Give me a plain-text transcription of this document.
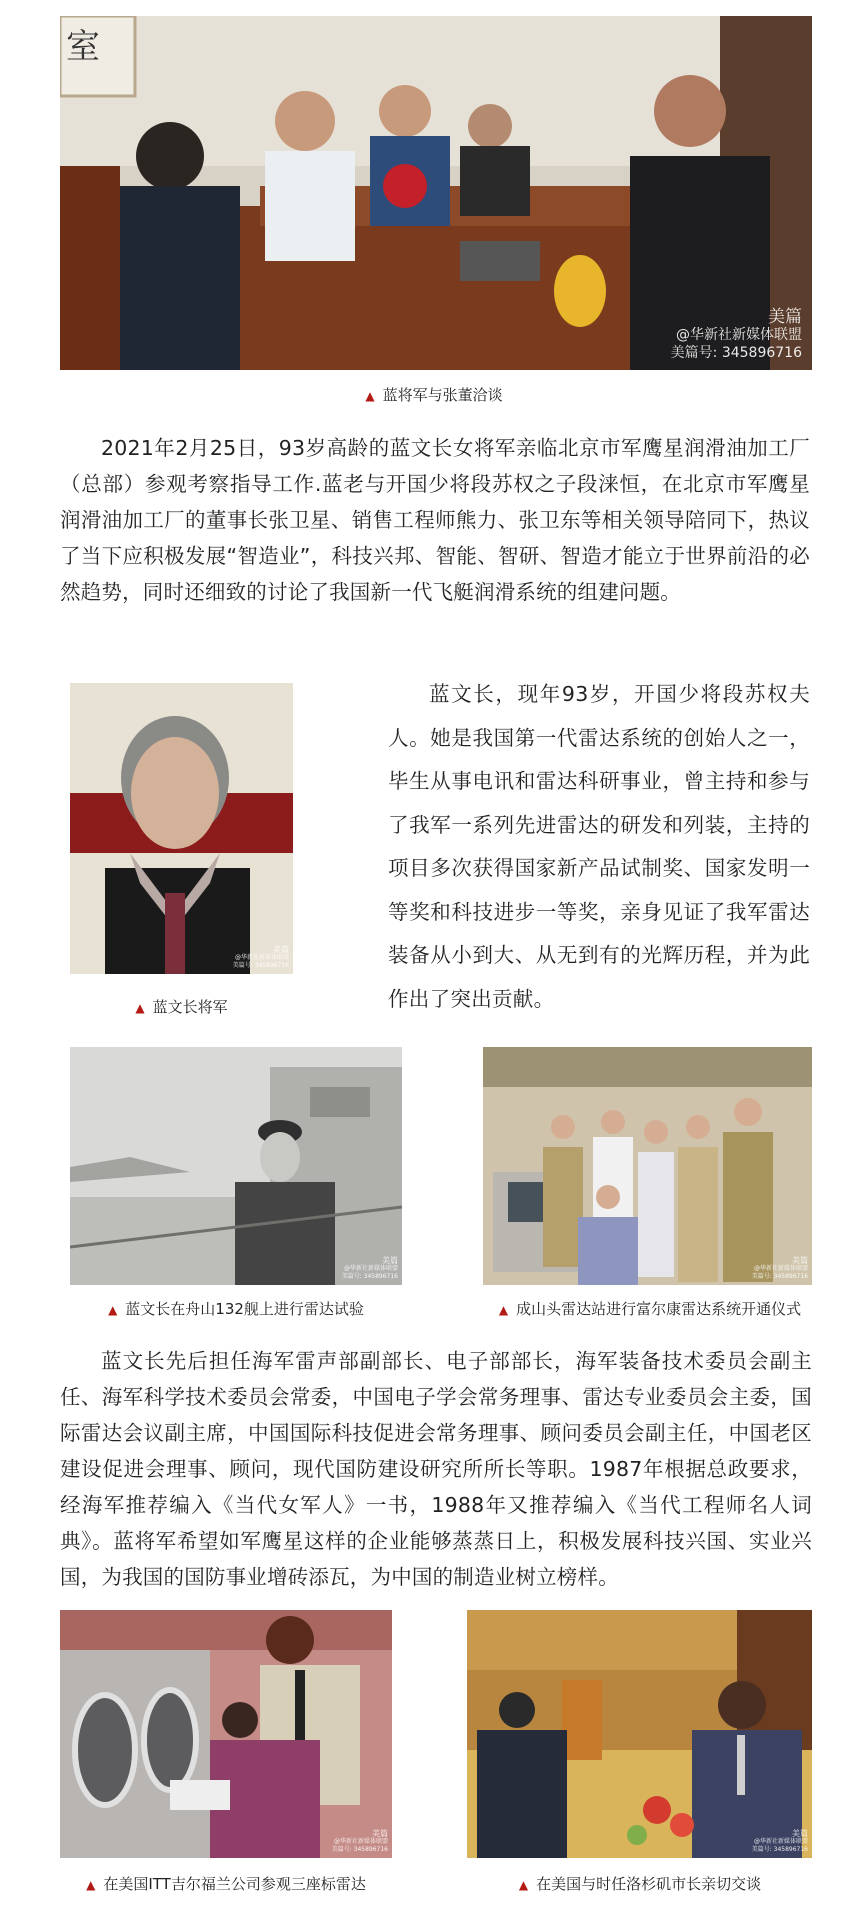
室
美篇
@华新社新媒体联盟
美篇号: 345896716
▲ 蓝将军与张董洽谈

2021年2月25日，93岁高龄的蓝文长女将军亲临北京市军鹰星润滑油加工厂（总部）参观考察指导工作.蓝老与开国少将段苏权之子段涞恒，在北京市军鹰星润滑油加工厂的董事长张卫星、销售工程师熊力、张卫东等相关领导陪同下，热议了当下应积极发展“智造业”，科技兴邦、智能、智研、智造才能立于世界前沿的必然趋势，同时还细致的讨论了我国新一代飞艇润滑系统的组建问题。

美篇
@华新社新媒体联盟
美篇号: 345896716
▲ 蓝文长将军

蓝文长，现年93岁，开国少将段苏权夫人。她是我国第一代雷达系统的创始人之一，毕生从事电讯和雷达科研事业，曾主持和参与了我军一系列先进雷达的研发和列装，主持的项目多次获得国家新产品试制奖、国家发明一等奖和科技进步一等奖，亲身见证了我军雷达装备从小到大、从无到有的光辉历程，并为此作出了突出贡献。

美篇
@华新社新媒体联盟
美篇号: 345896716
▲ 蓝文长在舟山132舰上进行雷达试验
美篇
@华新社新媒体联盟
美篇号: 345896716
▲ 成山头雷达站进行富尔康雷达系统开通仪式

蓝文长先后担任海军雷声部副部长、电子部部长，海军装备技术委员会副主任、海军科学技术委员会常委，中国电子学会常务理事、雷达专业委员会主委，国际雷达会议副主席，中国国际科技促进会常务理事、顾问委员会副主任，中国老区建设促进会理事、顾问，现代国防建设研究所所长等职。1987年根据总政要求，经海军推荐编入《当代女军人》一书，1988年又推荐编入《当代工程师名人词典》。蓝将军希望如军鹰星这样的企业能够蒸蒸日上，积极发展科技兴国、实业兴国，为我国的国防事业增砖添瓦，为中国的制造业树立榜样。

美篇
@华新社新媒体联盟
美篇号: 345896716
▲ 在美国ITT吉尔福兰公司参观三座标雷达
美篇
@华新社新媒体联盟
美篇号: 345896716
▲ 在美国与时任洛杉矶市长亲切交谈
